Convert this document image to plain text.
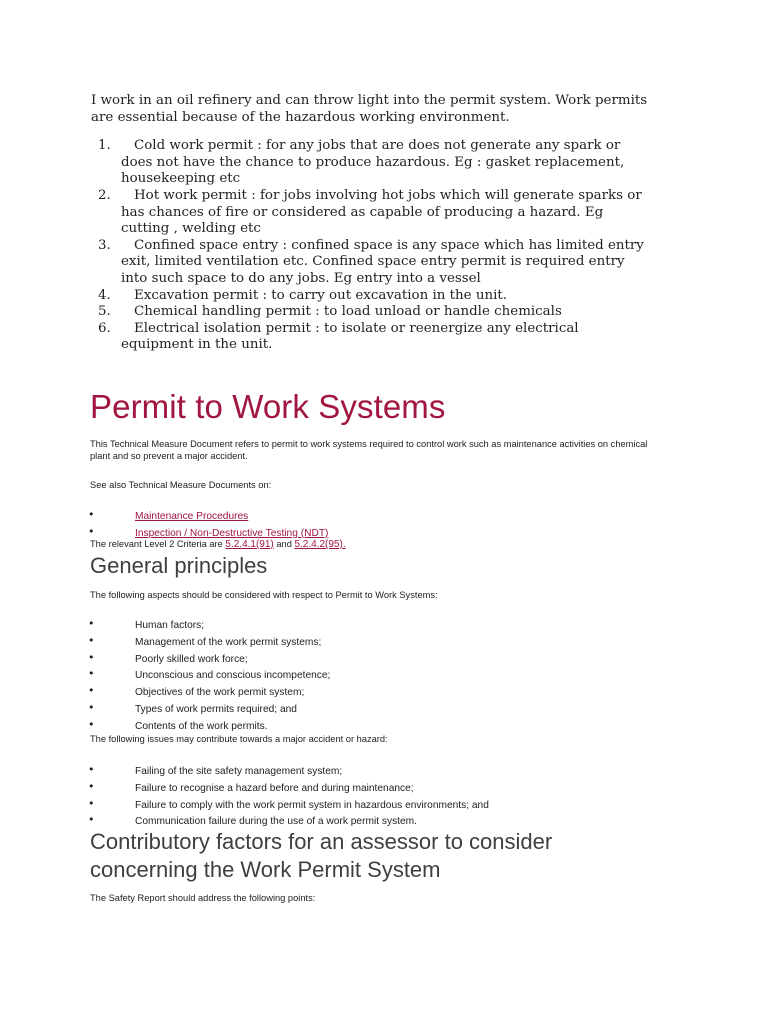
I work in an oil refinery and can throw light into the permit system. Work permits are essential because of the hazardous working environment.
1.	Cold work permit : for any jobs that are does not generate any spark or does not have the chance to produce hazardous. Eg : gasket replacement, housekeeping etc
2.	Hot work permit : for jobs involving hot jobs which will generate sparks or has chances of fire or considered as capable of producing a hazard. Eg cutting , welding etc
3.	Confined space entry : confined space is any space which has limited entry exit, limited ventilation etc. Confined space entry permit is required entry into such space to do any jobs. Eg entry into a vessel
4.	Excavation permit : to carry out excavation in the unit.
5.	Chemical handling permit : to load unload or handle chemicals
6.	Electrical isolation permit : to isolate or reenergize any electrical equipment in the unit.
Permit to Work Systems

This Technical Measure Document refers to permit to work systems required to control work such as maintenance activities on chemical plant and so prevent a major accident.

See also Technical Measure Documents on:

•	Maintenance Procedures
•	Inspection / Non-Destructive Testing (NDT)

The relevant Level 2 Criteria are 5.2.4.1(91) and 5.2.4.2(95).

General principles

The following aspects should be considered with respect to Permit to Work Systems:

•	Human factors;
•	Management of the work permit systems;
•	Poorly skilled work force;
•	Unconscious and conscious incompetence;
•	Objectives of the work permit system;
•	Types of work permits required; and
•	Contents of the work permits.

The following issues may contribute towards a major accident or hazard:

•	Failing of the site safety management system;
•	Failure to recognise a hazard before and during maintenance;
•	Failure to comply with the work permit system in hazardous environments; and
•	Communication failure during the use of a work permit system.
Contributory factors for an assessor to consider
concerning the Work Permit System

The Safety Report should address the following points:
